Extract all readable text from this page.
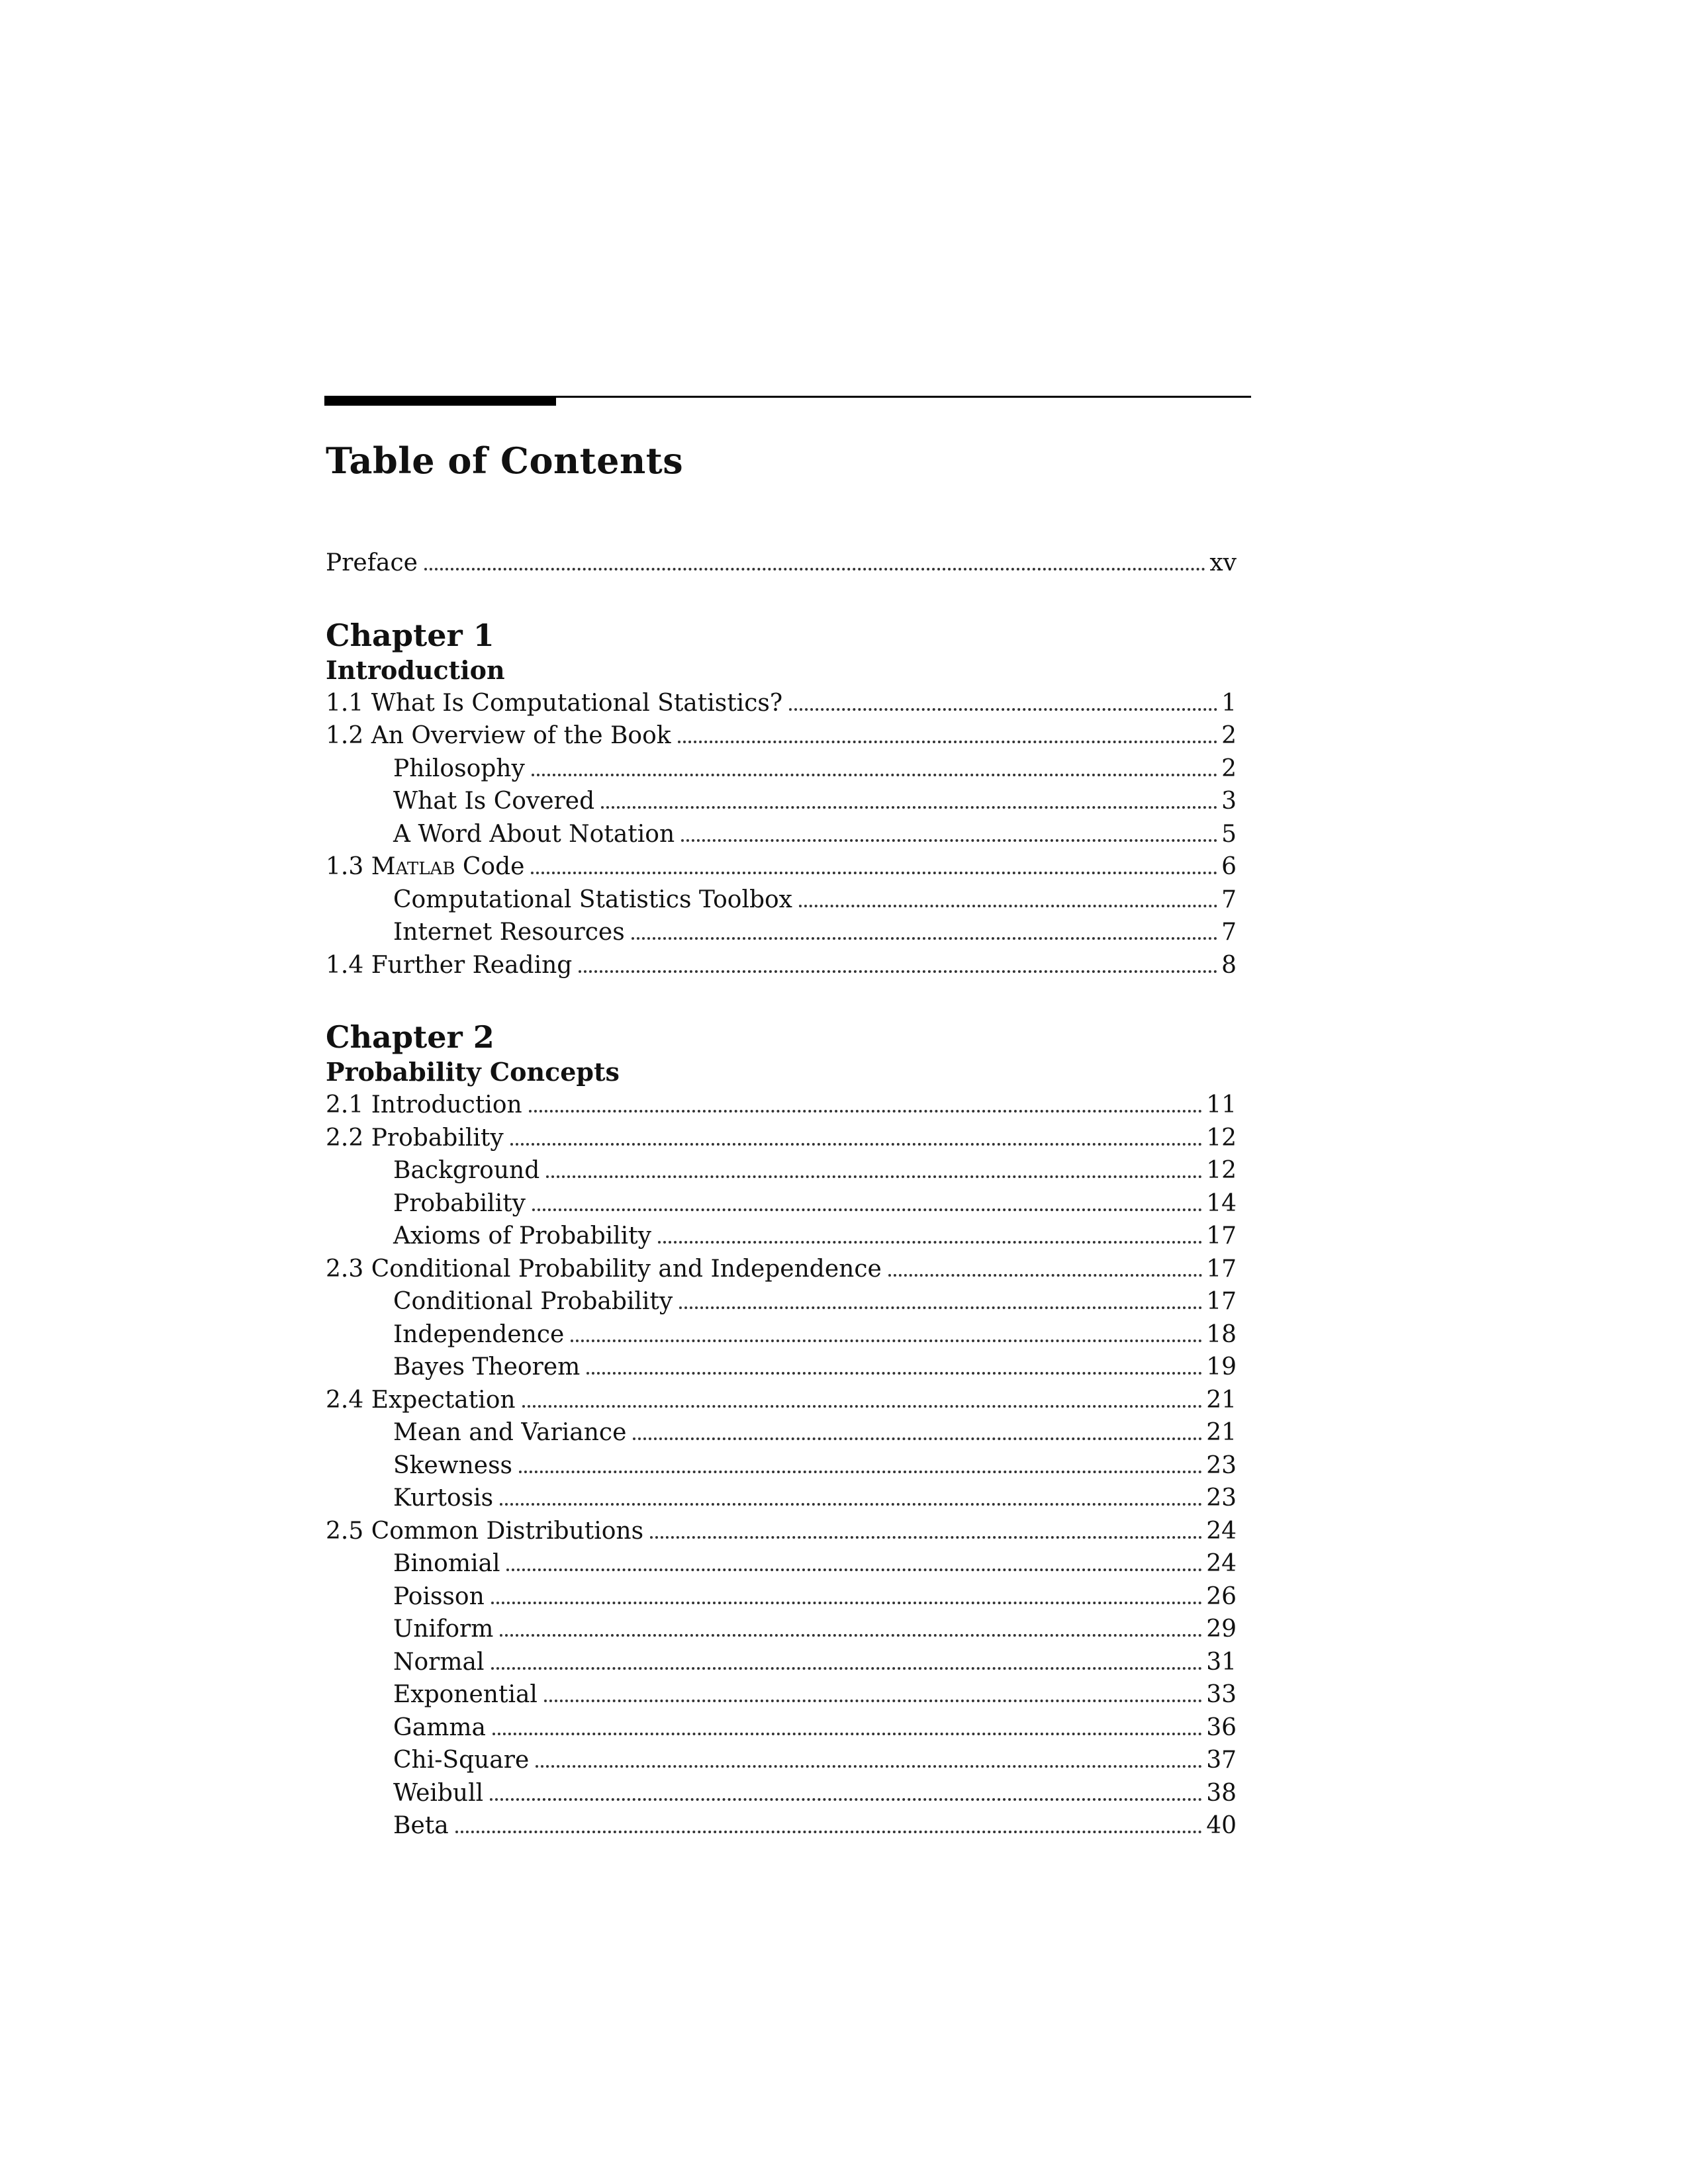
Table of Contents
Preface	xv
Chapter 1
Introduction
1.1 What Is Computational Statistics?	1
1.2 An Overview of the Book	2
Philosophy	2
What Is Covered	3
A Word About Notation	5
1.3 MATLAB Code	6
Computational Statistics Toolbox	7
Internet Resources	7
1.4 Further Reading	8
Chapter 2
Probability Concepts
2.1 Introduction	11
2.2 Probability	12
Background	12
Probability	14
Axioms of Probability	17
2.3 Conditional Probability and Independence	17
Conditional Probability	17
Independence	18
Bayes Theorem	19
2.4 Expectation	21
Mean and Variance	21
Skewness	23
Kurtosis	23
2.5 Common Distributions	24
Binomial	24
Poisson	26
Uniform	29
Normal	31
Exponential	33
Gamma	36
Chi-Square	37
Weibull	38
Beta	40
